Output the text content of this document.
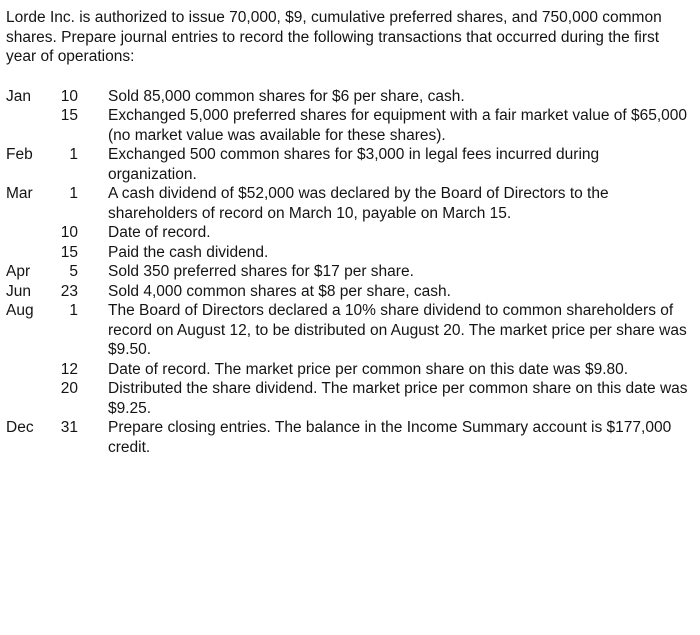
Lorde Inc. is authorized to issue 70,000, $9, cumulative preferred shares, and 750,000 common shares. Prepare journal entries to record the following transactions that occurred during the first year of operations:

Jan	10		Sold 85,000 common shares for $6 per share, cash.
	15		Exchanged 5,000 preferred shares for equipment with a fair market value of $65,000 (no market value was available for these shares).
Feb	1		Exchanged 500 common shares for $3,000 in legal fees incurred during organization.
Mar	1		A cash dividend of $52,000 was declared by the Board of Directors to the shareholders of record on March 10, payable on March 15.
	10		Date of record.
	15		Paid the cash dividend.
Apr	5		Sold 350 preferred shares for $17 per share.
Jun	23		Sold 4,000 common shares at $8 per share, cash.
Aug	1		The Board of Directors declared a 10% share dividend to common shareholders of record on August 12, to be distributed on August 20. The market price per share was $9.50.
	12		Date of record. The market price per common share on this date was $9.80.
	20		Distributed the share dividend. The market price per common share on this date was $9.25.
Dec	31		Prepare closing entries. The balance in the Income Summary account is $177,000 credit.
